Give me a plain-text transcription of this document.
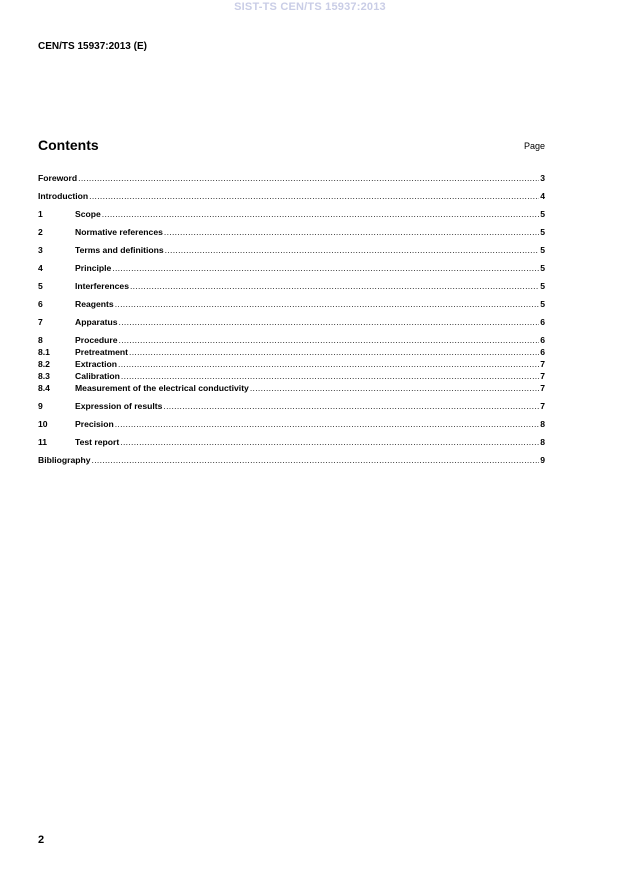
SIST-TS CEN/TS 15937:2013
CEN/TS 15937:2013 (E)
Contents	Page
Foreword .....	3
Introduction .....	4
1	Scope .....	5
2	Normative references .....	5
3	Terms and definitions .....	5
4	Principle .....	5
5	Interferences .....	5
6	Reagents .....	5
7	Apparatus .....	6
8	Procedure .....	6
8.1	Pretreatment .....	6
8.2	Extraction .....	7
8.3	Calibration .....	7
8.4	Measurement of the electrical conductivity .....	7
9	Expression of results .....	7
10	Precision .....	8
11	Test report .....	8
Bibliography .....	9
2
